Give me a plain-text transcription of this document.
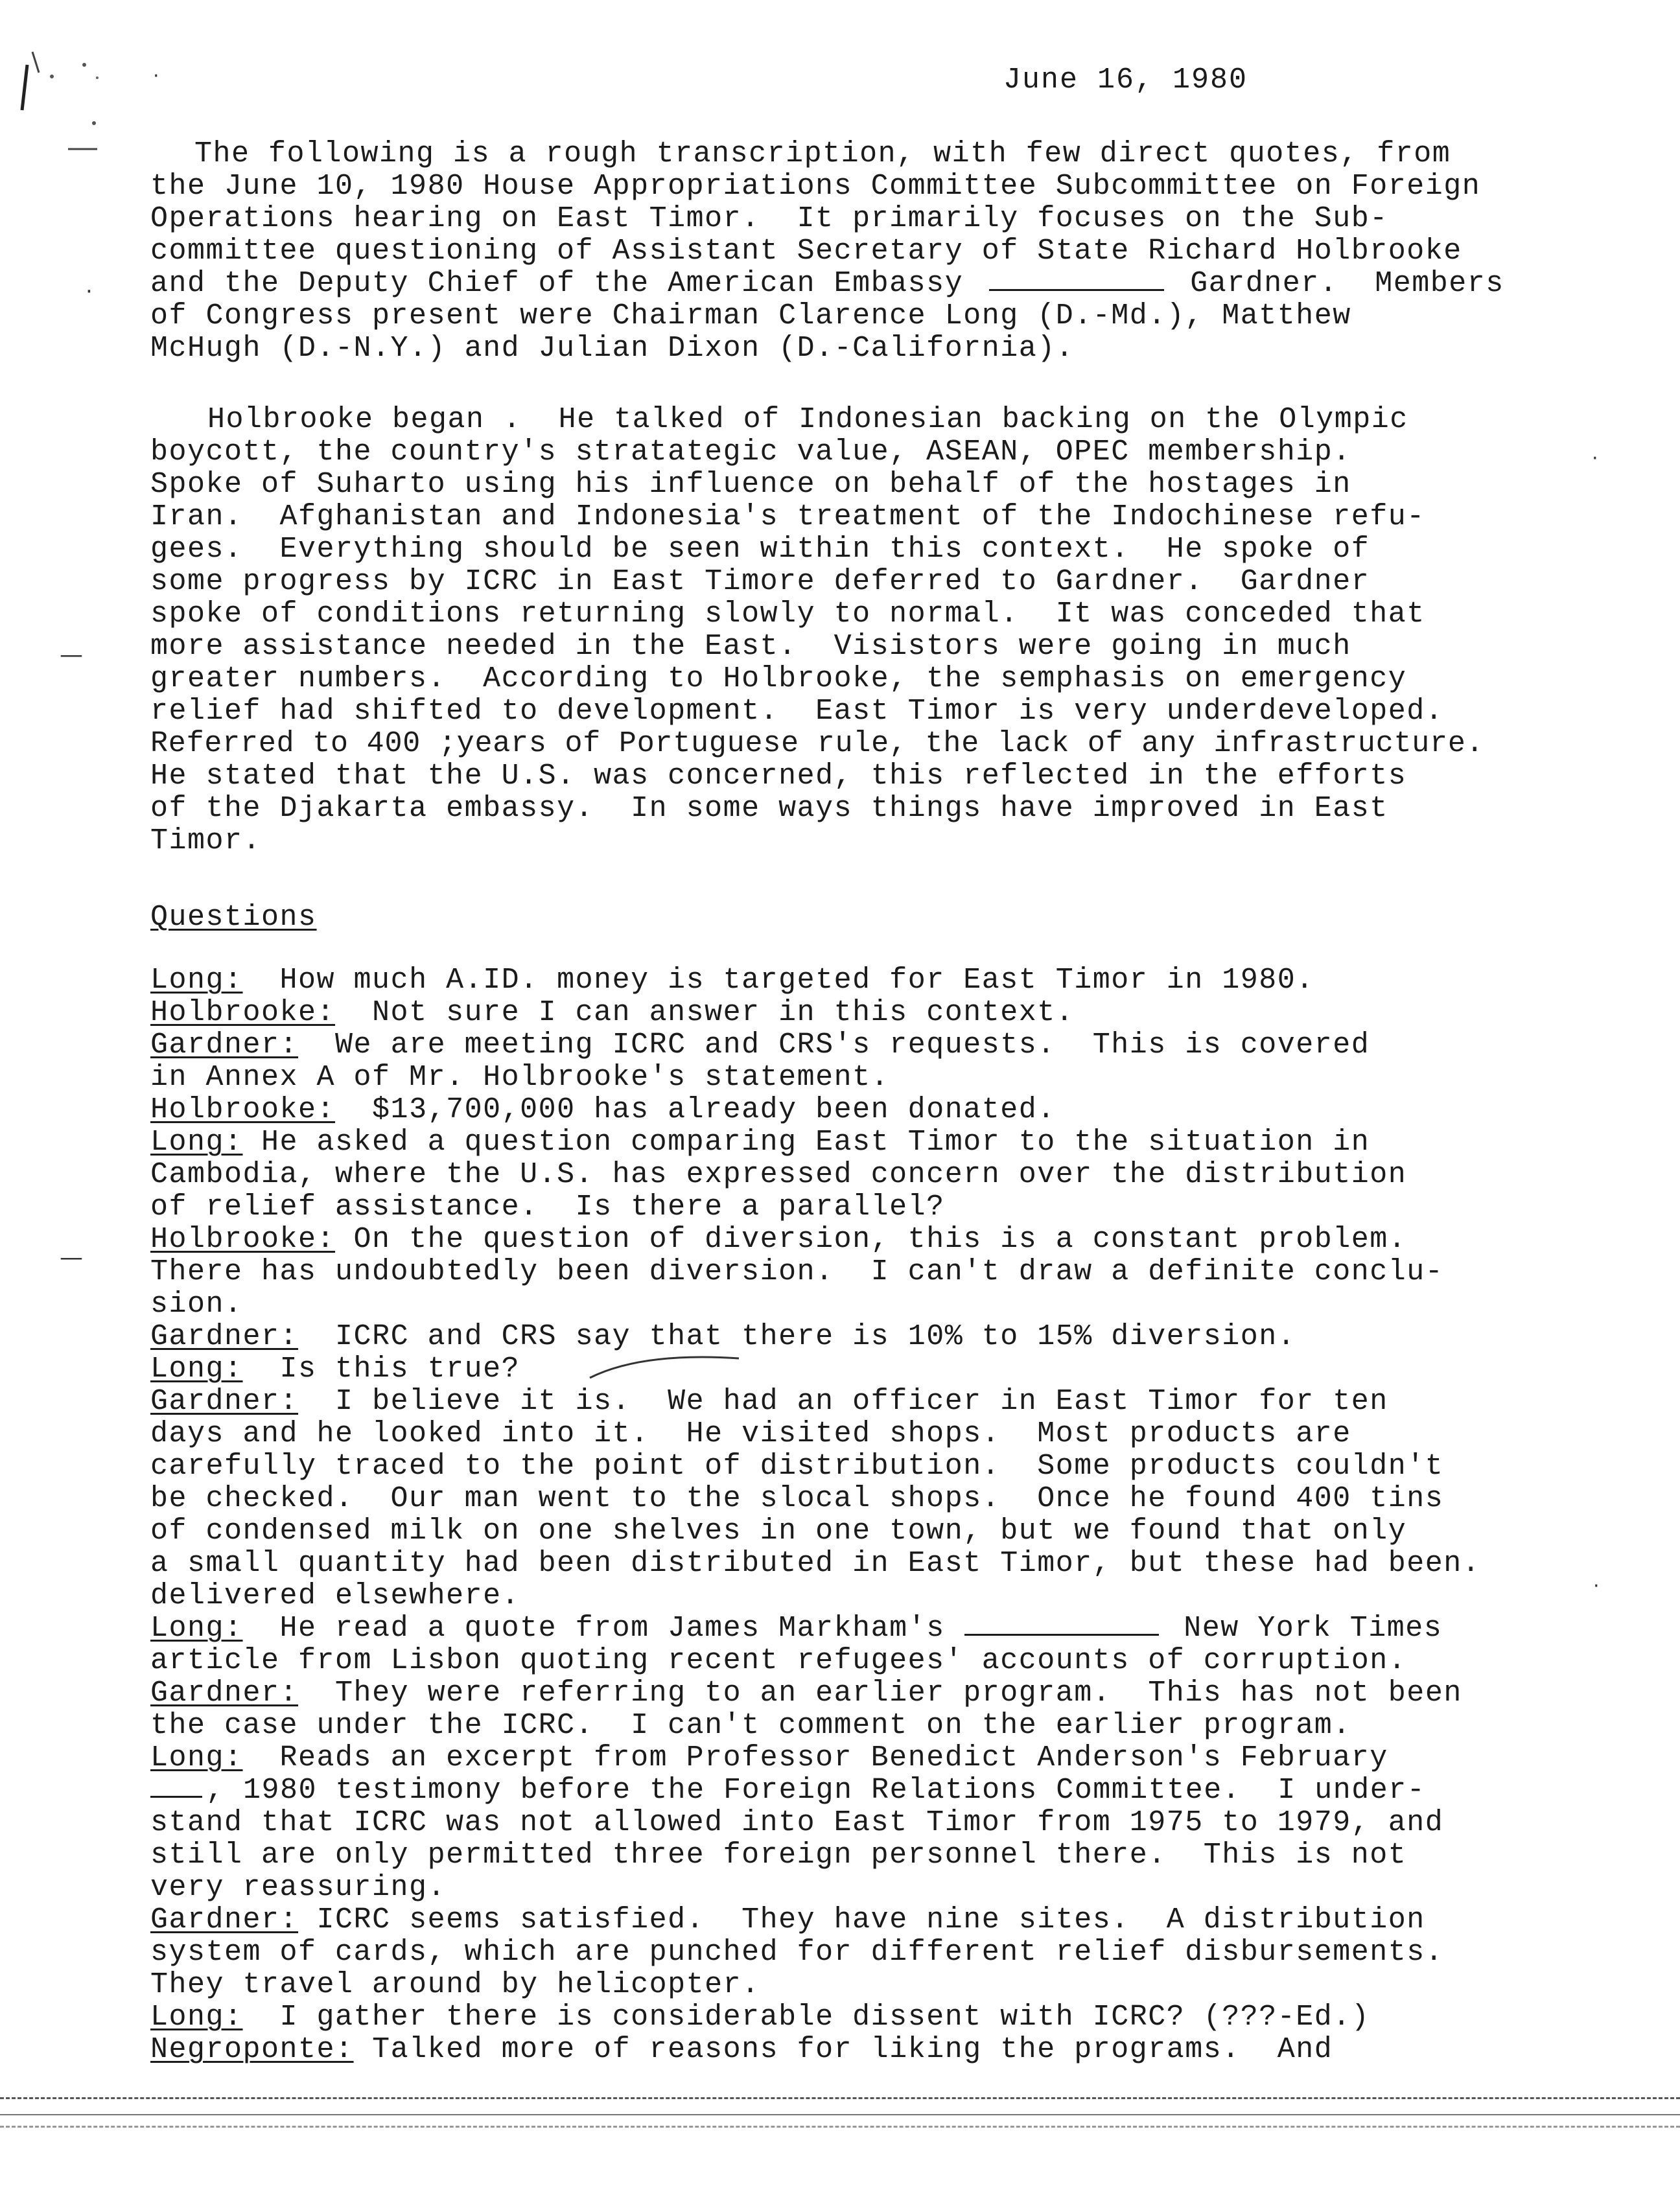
·
·
—
—
·
·
June 16, 1980
The following is a rough transcription, with few direct quotes, from
the June 10, 1980 House Appropriations Committee Subcommittee on Foreign
Operations hearing on East Timor.  It primarily focuses on the Sub-
committee questioning of Assistant Secretary of State Richard Holbrooke
and the Deputy Chief of the American Embassy	Gardner.  Members
of Congress present were Chairman Clarence Long (D.-Md.), Matthew
McHugh (D.-N.Y.) and Julian Dixon (D.-California).
Holbrooke began .  He talked of Indonesian backing on the Olympic
boycott, the country's stratategic value, ASEAN, OPEC membership.
Spoke of Suharto using his influence on behalf of the hostages in
Iran.  Afghanistan and Indonesia's treatment of the Indochinese refu-
gees.  Everything should be seen within this context.  He spoke of
some progress by ICRC in East Timore deferred to Gardner.  Gardner
spoke of conditions returning slowly to normal.  It was conceded that
more assistance needed in the East.  Visistors were going in much
greater numbers.  According to Holbrooke, the semphasis on emergency
relief had shifted to development.  East Timor is very underdeveloped.
Referred to 400 ;years of Portuguese rule, the lack of any infrastructure.
He stated that the U.S. was concerned, this reflected in the efforts
of the Djakarta embassy.  In some ways things have improved in East
Timor.
Questions
Long:  How much A.ID. money is targeted for East Timor in 1980.
Holbrooke:  Not sure I can answer in this context.
Gardner:  We are meeting ICRC and CRS's requests.  This is covered
in Annex A of Mr. Holbrooke's statement.
Holbrooke:  $13,700,000 has already been donated.
Long: He asked a question comparing East Timor to the situation in
Cambodia, where the U.S. has expressed concern over the distribution
of relief assistance.  Is there a parallel?
Holbrooke: On the question of diversion, this is a constant problem.
There has undoubtedly been diversion.  I can't draw a definite conclu-
sion.
Gardner:  ICRC and CRS say that there is 10% to 15% diversion.
Long:  Is this true?
Gardner:  I believe it is.  We had an officer in East Timor for ten
days and he looked into it.  He visited shops.  Most products are
carefully traced to the point of distribution.  Some products couldn't
be checked.  Our man went to the slocal shops.  Once he found 400 tins
of condensed milk on one shelves in one town, but we found that only
a small quantity had been distributed in East Timor, but these had been.
delivered elsewhere.
Long:  He read a quote from James Markham's	New York Times
article from Lisbon quoting recent refugees' accounts of corruption.
Gardner:  They were referring to an earlier program.  This has not been
the case under the ICRC.  I can't comment on the earlier program.
Long:  Reads an excerpt from Professor Benedict Anderson's February
, 1980 testimony before the Foreign Relations Committee.  I under-
stand that ICRC was not allowed into East Timor from 1975 to 1979, and
still are only permitted three foreign personnel there.  This is not
very reassuring.
Gardner: ICRC seems satisfied.  They have nine sites.  A distribution
system of cards, which are punched for different relief disbursements.
They travel around by helicopter.
Long:  I gather there is considerable dissent with ICRC? (???-Ed.)
Negroponte: Talked more of reasons for liking the programs.  And
